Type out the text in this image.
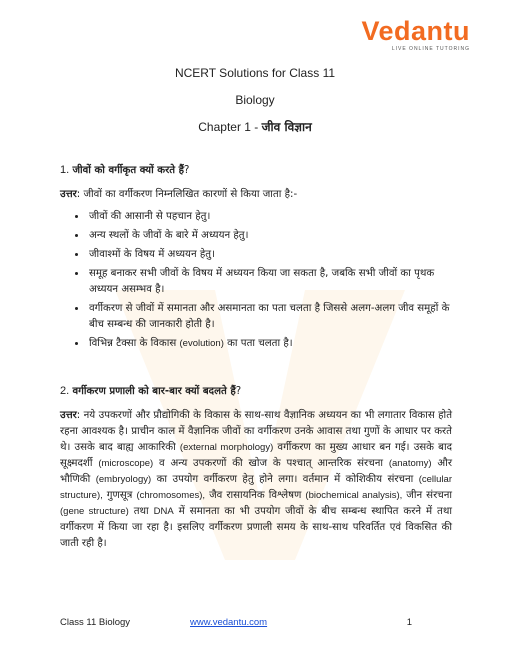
Vedantu
LIVE ONLINE TUTORING
NCERT Solutions for Class 11
Biology
Chapter 1 - जीव विज्ञान

1. जीवों को वर्गीकृत क्यों करते हैं?

उत्तर: जीवों का वर्गीकरण निम्नलिखित कारणों से किया जाता है:-

• जीवों की आसानी से पहचान हेतु।
• अन्य स्थलों के जीवों के बारे में अध्ययन हेतु।
• जीवाश्मों के विषय में अध्ययन हेतु।
• समूह बनाकर सभी जीवों के विषय में अध्ययन किया जा सकता है, जबकि सभी जीवों का पृथक अध्ययन असम्भव है।
• वर्गीकरण से जीवों में समानता और असमानता का पता चलता है जिससे अलग-अलग जीव समूहों के बीच सम्बन्ध की जानकारी होती है।
• विभिन्न टैक्सा के विकास (evolution) का पता चलता है।

2. वर्गीकरण प्रणाली को बार-बार क्यों बदलते हैं?

उत्तर: नये उपकरणों और प्रौद्योगिकी के विकास के साथ-साथ वैज्ञानिक अध्ययन का भी लगातार विकास होते रहना आवश्यक है। प्राचीन काल में वैज्ञानिक जीवों का वर्गीकरण उनके आवास तथा गुणों के आधार पर करते थे। उसके बाद बाह्य आकारिकी (external morphology) वर्गीकरण का मुख्य आधार बन गई। उसके बाद सूक्ष्मदर्शी (microscope) व अन्य उपकरणों की खोज के पश्चात् आन्तरिक संरचना (anatomy) और भौणिकी (embryology) का उपयोग वर्गीकरण हेतु होने लगा। वर्तमान में कोशिकीय संरचना (cellular structure), गुणसूत्र (chromosomes), जैव रासायनिक विश्लेषण (biochemical analysis), जीन संरचना (gene structure) तथा DNA में समानता का भी उपयोग जीवों के बीच सम्बन्ध स्थापित करने में तथा वर्गीकरण में किया जा रहा है। इसलिए वर्गीकरण प्रणाली समय के साथ-साथ परिवर्तित एवं विकसित की जाती रही है।

Class 11 Biology	www.vedantu.com	1
